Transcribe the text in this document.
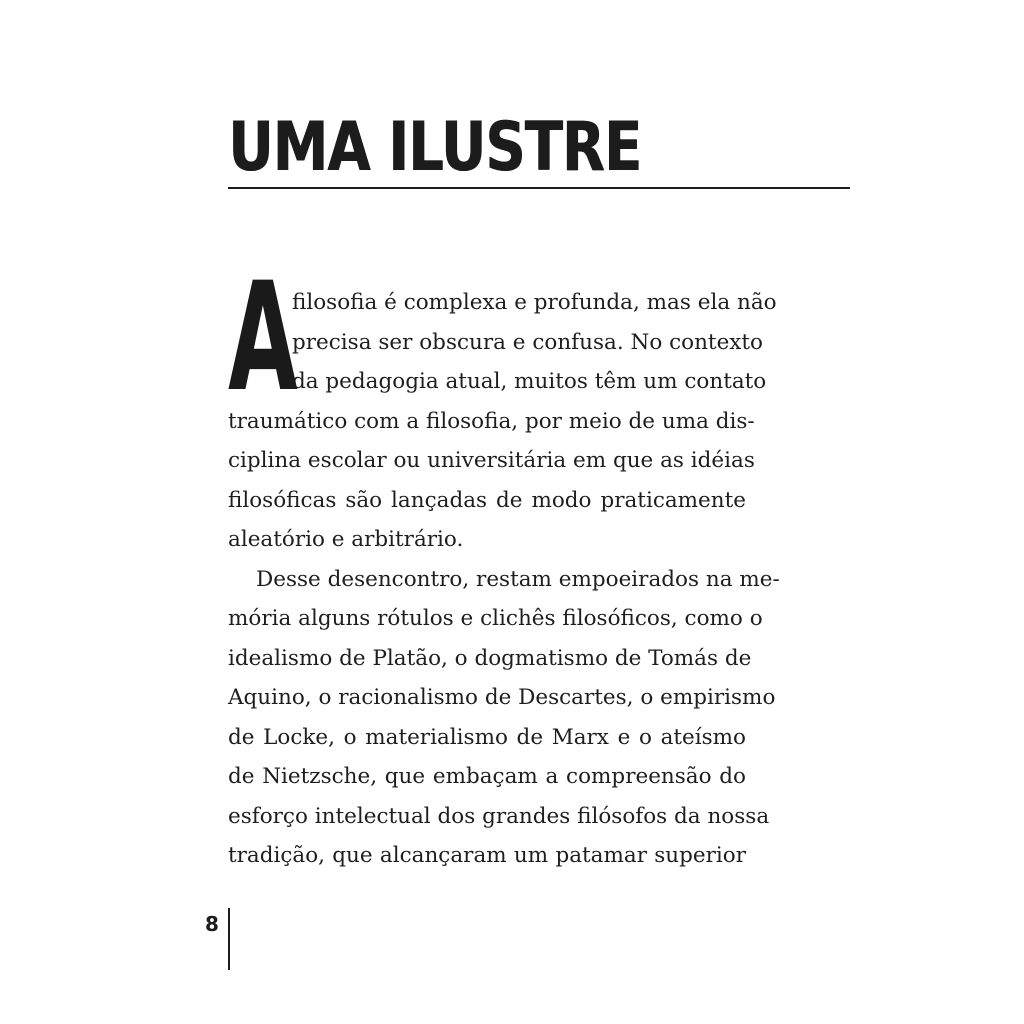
UMA ILUSTRE
A
filosofia é complexa e profunda, mas ela não
precisa ser obscura e confusa. No contexto
da pedagogia atual, muitos têm um contato
traumático com a filosofia, por meio de uma dis-
ciplina escolar ou universitária em que as idéias
filosóficas são lançadas de modo praticamente
aleatório e arbitrário.
Desse desencontro, restam empoeirados na me-
mória alguns rótulos e clichês filosóficos, como o
idealismo de Platão, o dogmatismo de Tomás de
Aquino, o racionalismo de Descartes, o empirismo
de Locke, o materialismo de Marx e o ateísmo
de Nietzsche, que embaçam a compreensão do
esforço intelectual dos grandes filósofos da nossa
tradição, que alcançaram um patamar superior
8
